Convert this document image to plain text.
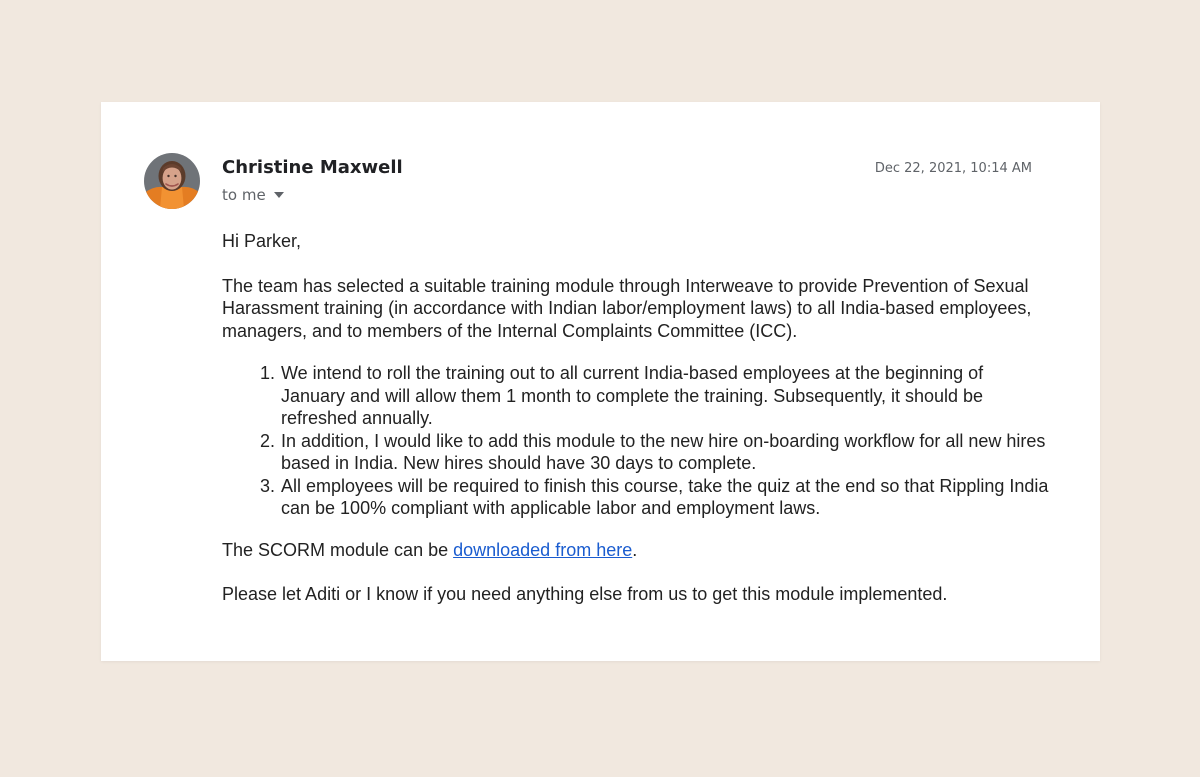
Christine Maxwell
to me
Dec 22, 2021, 10:14 AM

Hi Parker,

The team has selected a suitable training module through Interweave to provide Prevention of Sexual Harassment training (in accordance with Indian labor/employment laws) to all India-based employees, managers, and to members of the Internal Complaints Committee (ICC).

1. We intend to roll the training out to all current India-based employees at the beginning of January and will allow them 1 month to complete the training. Subsequently, it should be refreshed annually.
2. In addition, I would like to add this module to the new hire on-boarding workflow for all new hires based in India. New hires should have 30 days to complete.
3. All employees will be required to finish this course, take the quiz at the end so that Rippling India can be 100% compliant with applicable labor and employment laws.

The SCORM module can be downloaded from here.

Please let Aditi or I know if you need anything else from us to get this module implemented.
